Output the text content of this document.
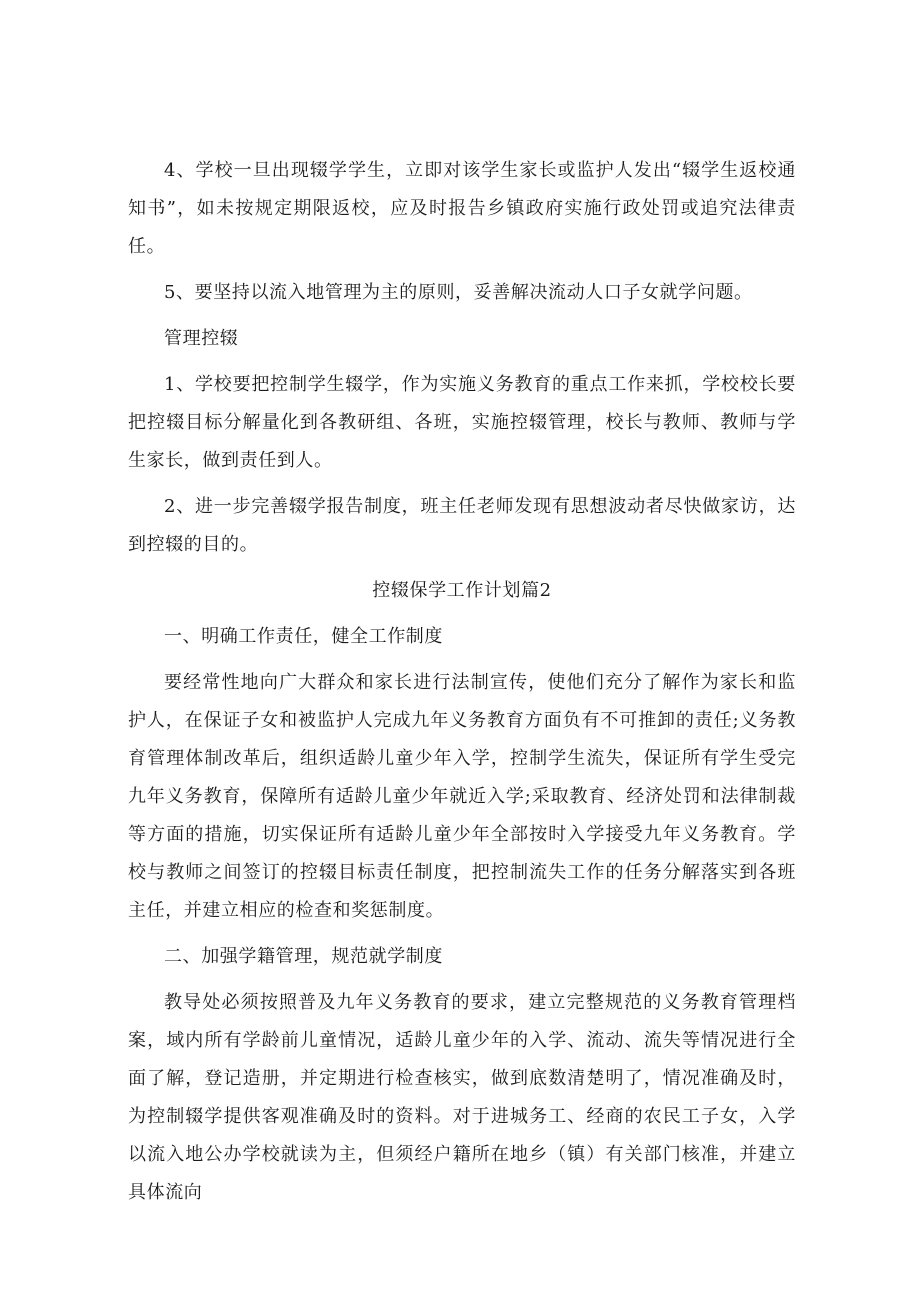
4、学校一旦出现辍学学生，立即对该学生家长或监护人发出“辍学生返校通知书”，如未按规定期限返校，应及时报告乡镇政府实施行政处罚或追究法律责任。

5、要坚持以流入地管理为主的原则，妥善解决流动人口子女就学问题。

管理控辍

1、学校要把控制学生辍学，作为实施义务教育的重点工作来抓，学校校长要把控辍目标分解量化到各教研组、各班，实施控辍管理，校长与教师、教师与学生家长，做到责任到人。

2、进一步完善辍学报告制度，班主任老师发现有思想波动者尽快做家访，达到控辍的目的。

控辍保学工作计划篇2

一、明确工作责任，健全工作制度

要经常性地向广大群众和家长进行法制宣传，使他们充分了解作为家长和监护人，在保证子女和被监护人完成九年义务教育方面负有不可推卸的责任;义务教育管理体制改革后，组织适龄儿童少年入学，控制学生流失，保证所有学生受完九年义务教育，保障所有适龄儿童少年就近入学;采取教育、经济处罚和法律制裁等方面的措施，切实保证所有适龄儿童少年全部按时入学接受九年义务教育。学校与教师之间签订的控辍目标责任制度，把控制流失工作的任务分解落实到各班主任，并建立相应的检查和奖惩制度。

二、加强学籍管理，规范就学制度

教导处必须按照普及九年义务教育的要求，建立完整规范的义务教育管理档案，域内所有学龄前儿童情况，适龄儿童少年的入学、流动、流失等情况进行全面了解，登记造册，并定期进行检查核实，做到底数清楚明了，情况准确及时，为控制辍学提供客观准确及时的资料。对于进城务工、经商的农民工子女，入学以流入地公办学校就读为主，但须经户籍所在地乡（镇）有关部门核准，并建立具体流向
